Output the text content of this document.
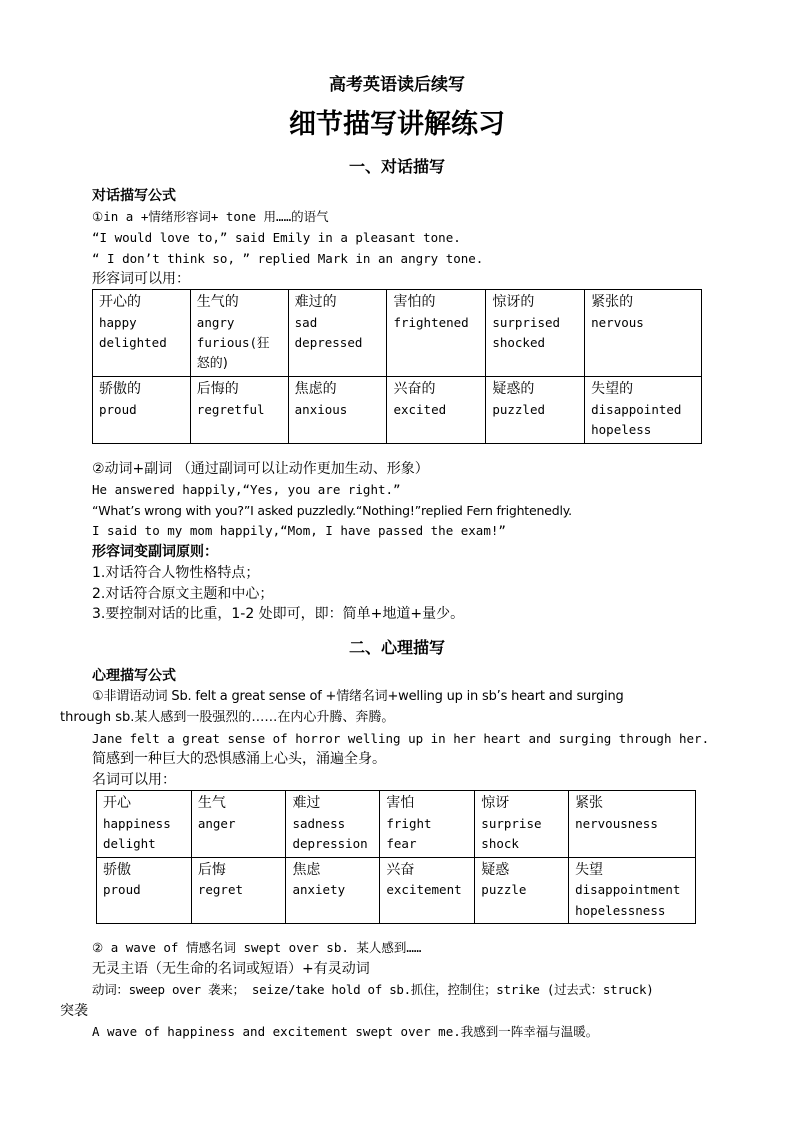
高考英语读后续写
细节描写讲解练习
一、对话描写
对话描写公式
①in a +情绪形容词+ tone 用……的语气
“I would love to,” said Emily in a pleasant tone.
“ I don’t think so, ” replied Mark in an angry tone.
形容词可以用：
开心的
happy
delighted	生气的
angry
furious(狂
怒的)	难过的
sad
depressed	害怕的
frightened	惊讶的
surprised
shocked	紧张的
nervous

骄傲的
proud	后悔的
regretful	焦虑的
anxious	兴奋的
excited	疑惑的
puzzled	失望的
disappointed
hopeless
②动词+副词 （通过副词可以让动作更加生动、形象）
He answered happily,“Yes, you are right.”
“What’s wrong with you?”I asked puzzledly.“Nothing!”replied Fern frightenedly.
I said to my mom happily,“Mom, I have passed the exam!”
形容词变副词原则：
1.对话符合人物性格特点；
2.对话符合原文主题和中心；
3.要控制对话的比重，1-2 处即可，即：简单+地道+量少。
二、心理描写
心理描写公式
①非谓语动词 Sb. felt a great sense of +情绪名词+welling up in sb’s heart and surging
through sb.某人感到一股强烈的……在内心升腾、奔腾。
Jane felt a great sense of horror welling up in her heart and surging through her.
简感到一种巨大的恐惧感涌上心头，涌遍全身。
名词可以用：
开心
happiness
delight	生气
anger	难过
sadness
depression	害怕
fright
fear	惊讶
surprise
shock	紧张
nervousness

骄傲
proud	后悔
regret	焦虑
anxiety	兴奋
excitement	疑惑
puzzle	失望
disappointment
hopelessness
② a wave of 情感名词 swept over sb. 某人感到……
无灵主语（无生命的名词或短语）+有灵动词
动词：sweep over 袭来； seize/take hold of sb.抓住，控制住；strike (过去式：struck)
突袭
A wave of happiness and excitement swept over me.我感到一阵幸福与温暖。
